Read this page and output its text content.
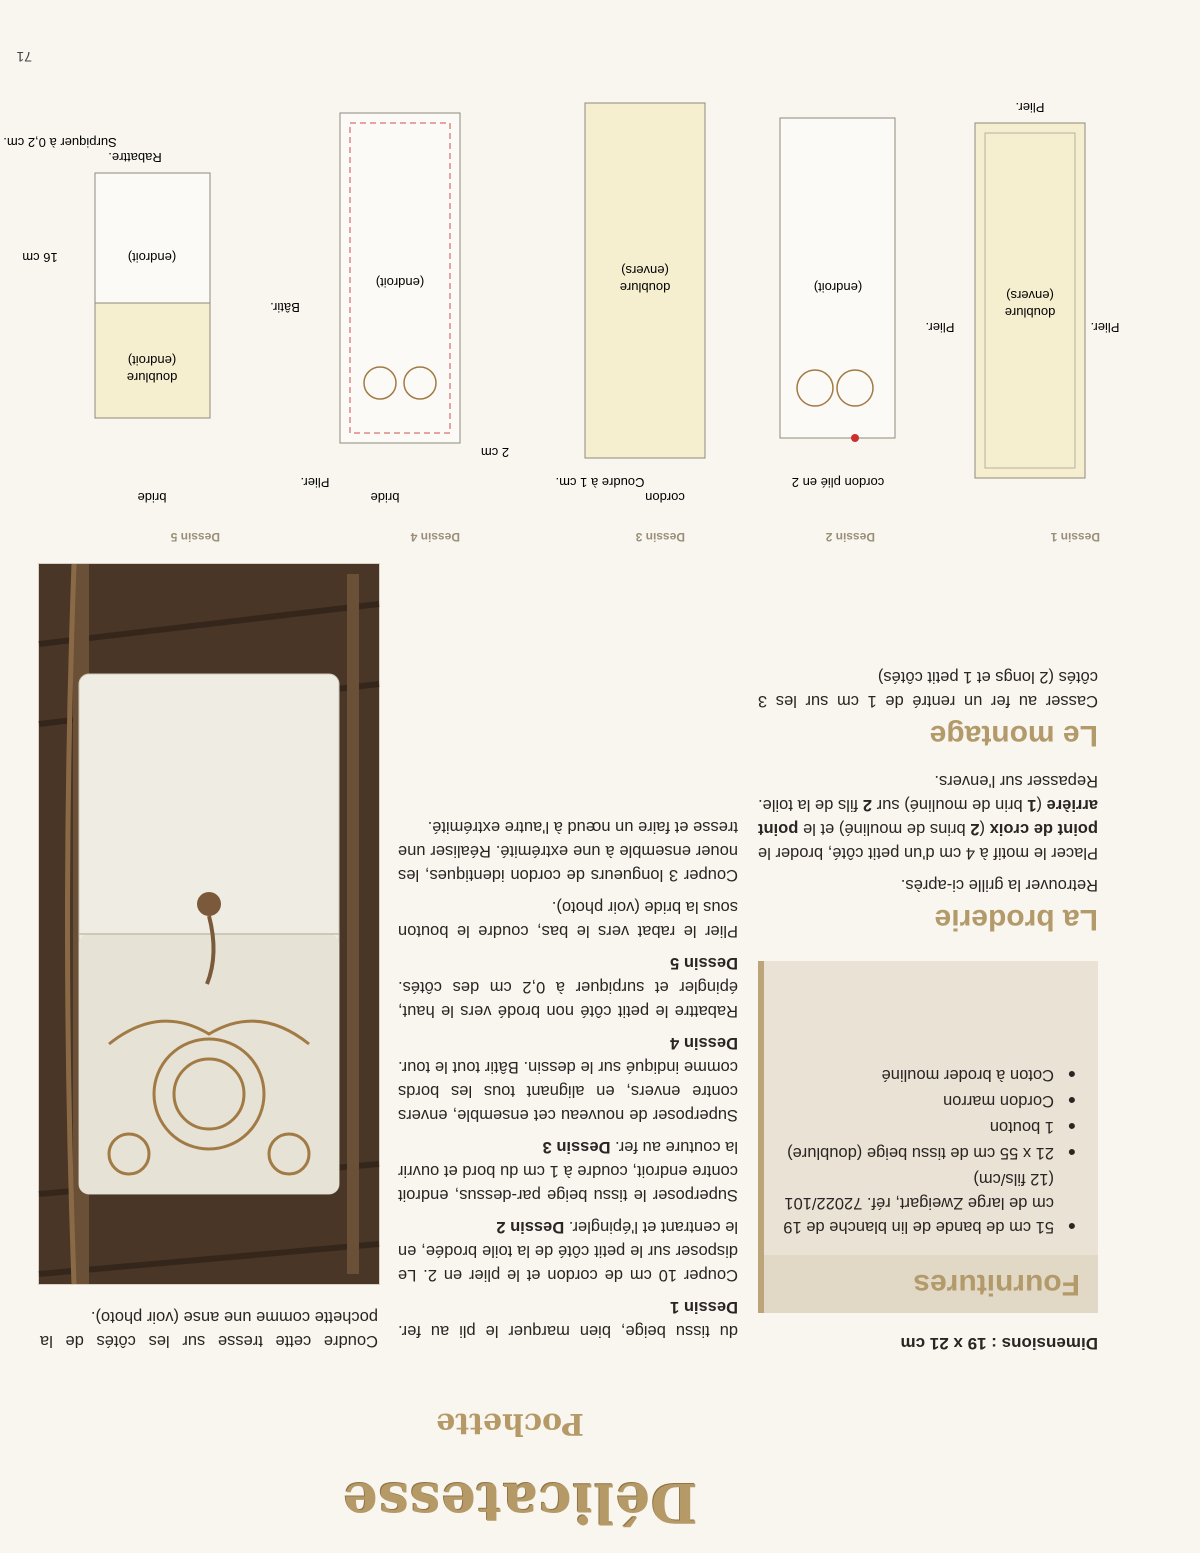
71
Délicatesse
Pochette
Dimensions : 19 x 21 cm
Fournitures
● 51 cm de bande de lin blanche de 19 cm de large Zweigart, réf. 72022/101 (12 fils/cm)
● 21 x 55 cm de tissu beige (doublure)
● 1 bouton
● Cordon marron
● Coton à broder mouliné
La broderie

Retrouver la grille ci-après.

Placer le motif à 4 cm d'un petit côté, broder le point de croix (2 brins de mouliné) et le point arrière (1 brin de mouliné) sur 2 fils de la toile. Repasser sur l'envers.

Le montage

Casser au fer un rentré de 1 cm sur les 3 côtés (2 longs et 1 petit côtés)

du tissu beige, bien marquer le pli au fer. Dessin 1

Couper 10 cm de cordon et le plier en 2. Le disposer sur le petit côté de la toile brodée, en le centrant et l'épingler. Dessin 2

Superposer le tissu beige par-dessus, endroit contre endroit, coudre à 1 cm du bord et ouvrir la couture au fer. Dessin 3

Superposer de nouveau cet ensemble, envers contre envers, en alignant tous les bords comme indiqué sur le dessin. Bâtir tout le tour. Dessin 4

Rabattre le petit côté non brodé vers le haut, épingler et surpiquer à 0,2 cm des côtés. Dessin 5

Plier le rabat vers le bas, coudre le bouton sous la bride (voir photo).

Couper 3 longueurs de cordon identiques, les nouer ensemble à une extrémité. Réaliser une tresse et faire un nœud à l'autre extrémité.

Coudre cette tresse sur les côtés de la pochette comme une anse (voir photo).

Dessin 1
doublure
(envers)
Plier.	Plier.
Plier.
Dessin 2
(endroit)
cordon plié en 2
Dessin 3
doublure
(envers)
cordon
Coudre à 1 cm.
Dessin 4
(endroit)
Bâtir.
2 cm
Plier.
bride
Dessin 5
(endroit)
doublure
(endroit)
16 cm
Rabattre.
Surpiquer à 0,2 cm.
bride
